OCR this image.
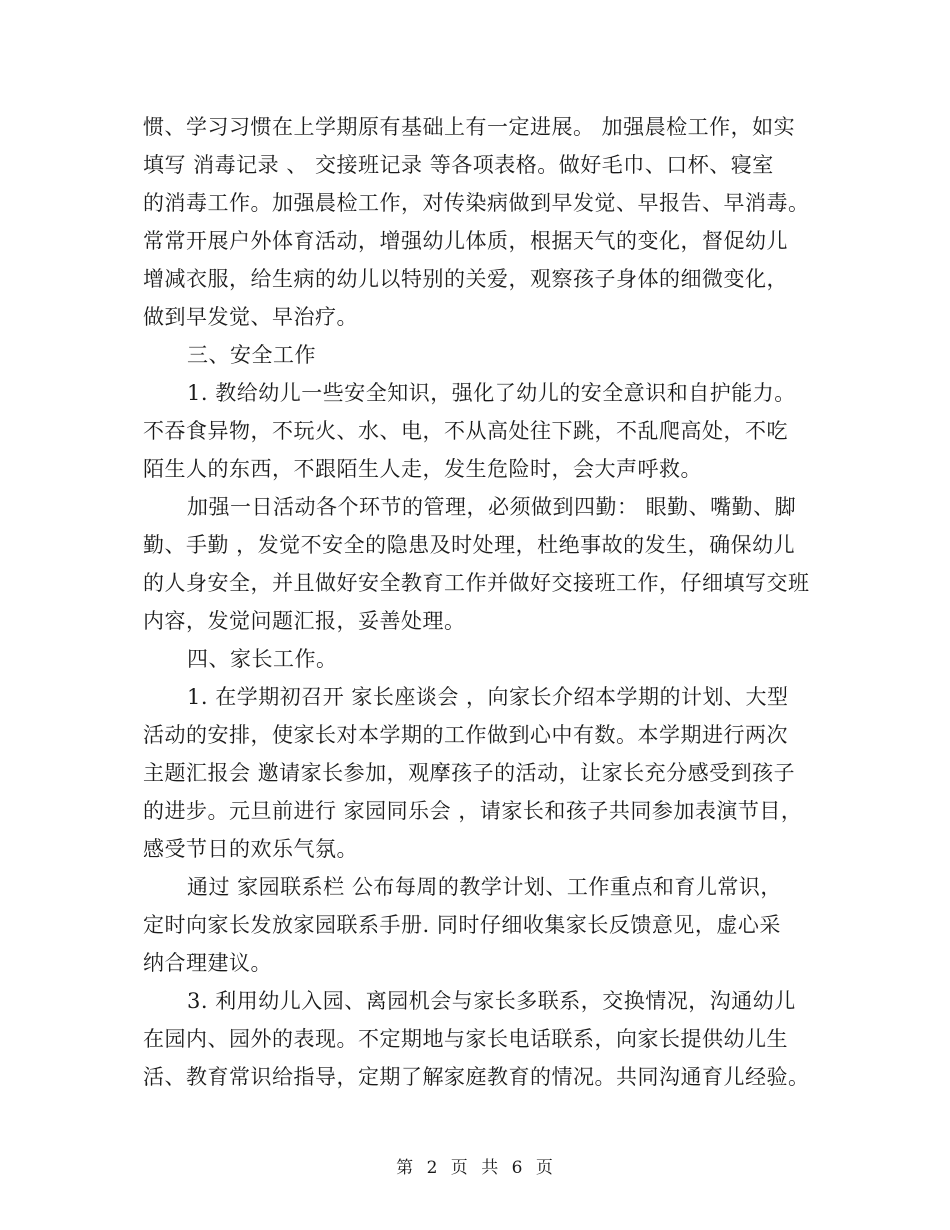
惯、学习习惯在上学期原有基础上有一定进展。 加强晨检工作，如实
填写 消毒记录 、 交接班记录 等各项表格。做好毛巾、口杯、寝室
的消毒工作。加强晨检工作，对传染病做到早发觉、早报告、早消毒。
常常开展户外体育活动，增强幼儿体质，根据天气的变化，督促幼儿
增减衣服，给生病的幼儿以特别的关爱，观察孩子身体的细微变化，
做到早发觉、早治疗。
三、安全工作
1. 教给幼儿一些安全知识，强化了幼儿的安全意识和自护能力。
不吞食异物，不玩火、水、电，不从高处往下跳，不乱爬高处，不吃
陌生人的东西，不跟陌生人走，发生危险时，会大声呼救。
加强一日活动各个环节的管理，必须做到四勤： 眼勤、嘴勤、脚
勤、手勤 ，发觉不安全的隐患及时处理，杜绝事故的发生，确保幼儿
的人身安全，并且做好安全教育工作并做好交接班工作，仔细填写交班
内容，发觉问题汇报，妥善处理。
四、家长工作。
1. 在学期初召开 家长座谈会 ，向家长介绍本学期的计划、大型
活动的安排，使家长对本学期的工作做到心中有数。本学期进行两次
主题汇报会 邀请家长参加，观摩孩子的活动，让家长充分感受到孩子
的进步。元旦前进行 家园同乐会 ，请家长和孩子共同参加表演节目，
感受节日的欢乐气氛。
通过 家园联系栏 公布每周的教学计划、工作重点和育儿常识，
定时向家长发放家园联系手册. 同时仔细收集家长反馈意见，虚心采
纳合理建议。
3. 利用幼儿入园、离园机会与家长多联系，交换情况，沟通幼儿
在园内、园外的表现。不定期地与家长电话联系，向家长提供幼儿生
活、教育常识给指导，定期了解家庭教育的情况。共同沟通育儿经验。
第 2 页 共 6 页
